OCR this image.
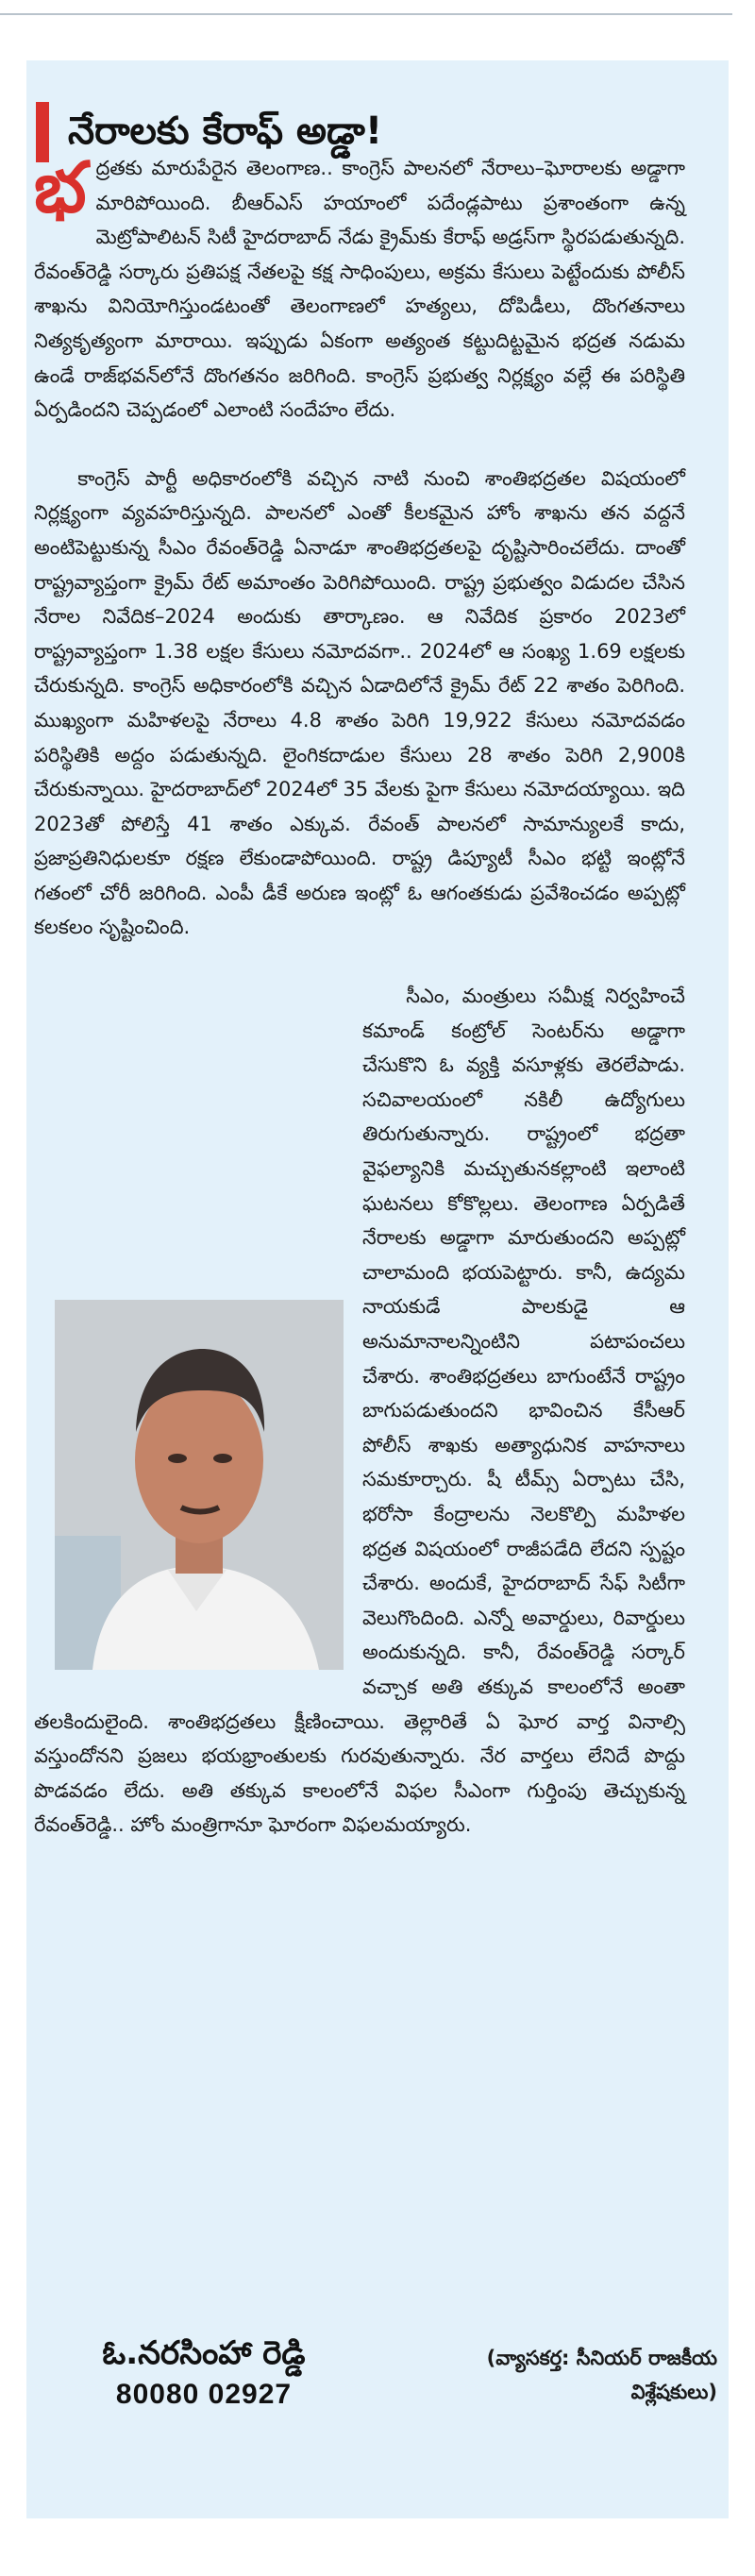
నేరాలకు కేరాఫ్ అడ్డా!

భద్రతకు మారుపేరైన తెలంగాణ.. కాంగ్రెస్ పాలనలో నేరాలు–ఘోరాలకు అడ్డాగా మారిపోయింది. బీఆర్ఎస్ హయాంలో పదేండ్లపాటు ప్రశాంతంగా ఉన్న మెట్రోపాలిటన్ సిటీ హైదరాబాద్ నేడు క్రైమ్‌కు కేరాఫ్ అడ్రస్‌గా స్థిరపడుతున్నది. రేవంత్‌రెడ్డి సర్కారు ప్రతిపక్ష నేతలపై కక్ష సాధింపులు, అక్రమ కేసులు పెట్టేందుకు పోలీస్ శాఖను వినియోగిస్తుండటంతో తెలంగాణలో హత్యలు, దోపిడీలు, దొంగతనాలు నిత్యకృత్యంగా మారాయి. ఇప్పుడు ఏకంగా అత్యంత కట్టుదిట్టమైన భద్రత నడుమ ఉండే రాజ్‌భవన్‌లోనే దొంగతనం జరిగింది. కాంగ్రెస్ ప్రభుత్వ నిర్లక్ష్యం వల్లే ఈ పరిస్థితి ఏర్పడిందని చెప్పడంలో ఎలాంటి సందేహం లేదు.

కాంగ్రెస్ పార్టీ అధికారంలోకి వచ్చిన నాటి నుంచి శాంతిభద్రతల విషయంలో నిర్లక్ష్యంగా వ్యవహరిస్తున్నది. పాలనలో ఎంతో కీలకమైన హోం శాఖను తన వద్దనే అంటిపెట్టుకున్న సీఎం రేవంత్‌రెడ్డి ఏనాడూ శాంతిభద్రతలపై దృష్టిసారించలేదు. దాంతో రాష్ట్రవ్యాప్తంగా క్రైమ్ రేట్ అమాంతం పెరిగిపోయింది. రాష్ట్ర ప్రభుత్వం విడుదల చేసిన నేరాల నివేదిక–2024 అందుకు తార్కాణం. ఆ నివేదిక ప్రకారం 2023లో రాష్ట్రవ్యాప్తంగా 1.38 లక్షల కేసులు నమోదవగా.. 2024లో ఆ సంఖ్య 1.69 లక్షలకు చేరుకున్నది. కాంగ్రెస్ అధికారంలోకి వచ్చిన ఏడాదిలోనే క్రైమ్ రేట్ 22 శాతం పెరిగింది. ముఖ్యంగా మహిళలపై నేరాలు 4.8 శాతం పెరిగి 19,922 కేసులు నమోదవడం పరిస్థితికి అద్దం పడుతున్నది. లైంగికదాడుల కేసులు 28 శాతం పెరిగి 2,900కి చేరుకున్నాయి. హైదరాబాద్‌లో 2024లో 35 వేలకు పైగా కేసులు నమోదయ్యాయి. ఇది 2023తో పోలిస్తే 41 శాతం ఎక్కువ. రేవంత్ పాలనలో సామాన్యులకే కాదు, ప్రజాప్రతినిధులకూ రక్షణ లేకుండాపోయింది. రాష్ట్ర డిప్యూటీ సీఎం భట్టి ఇంట్లోనే గతంలో చోరీ జరిగింది. ఎంపీ డీకే అరుణ ఇంట్లో ఓ ఆగంతకుడు ప్రవేశించడం అప్పట్లో కలకలం సృష్టించింది.

సీఎం, మంత్రులు సమీక్ష నిర్వహించే కమాండ్ కంట్రోల్ సెంటర్‌ను అడ్డాగా చేసుకొని ఓ వ్యక్తి వసూళ్లకు తెరలేపాడు. సచివాలయంలో నకిలీ ఉద్యోగులు తిరుగుతున్నారు. రాష్ట్రంలో భద్రతా వైఫల్యానికి మచ్చుతునకల్లాంటి ఇలాంటి ఘటనలు కోకొల్లలు. తెలంగాణ ఏర్పడితే నేరాలకు అడ్డాగా మారుతుందని అప్పట్లో చాలామంది భయపెట్టారు. కానీ, ఉద్యమ నాయకుడే పాలకుడై ఆ అనుమానాలన్నింటిని పటాపంచలు చేశారు. శాంతిభద్రతలు బాగుంటేనే రాష్ట్రం బాగుపడుతుందని భావించిన కేసీఆర్ పోలీస్ శాఖకు అత్యాధునిక వాహనాలు సమకూర్చారు. షీ టీమ్స్ ఏర్పాటు చేసి, భరోసా కేంద్రాలను నెలకొల్పి మహిళల భద్రత విషయంలో రాజీపడేది లేదని స్పష్టం చేశారు. అందుకే, హైదరాబాద్ సేఫ్ సిటీగా వెలుగొందింది. ఎన్నో అవార్డులు, రివార్డులు అందుకున్నది. కానీ, రేవంత్‌రెడ్డి సర్కార్ వచ్చాక అతి తక్కువ కాలంలోనే అంతా తలకిందులైంది. శాంతిభద్రతలు క్షీణించాయి. తెల్లారితే ఏ ఘోర వార్త వినాల్సి వస్తుందోనని ప్రజలు భయభ్రాంతులకు గురవుతున్నారు. నేర వార్తలు లేనిదే పొద్దు పొడవడం లేదు. అతి తక్కువ కాలంలోనే విఫల సీఎంగా గుర్తింపు తెచ్చుకున్న రేవంత్‌రెడ్డి.. హోం మంత్రిగానూ ఘోరంగా విఫలమయ్యారు.

ఓ.నరసింహా రెడ్డి
80080 02927
(వ్యాసకర్త: సీనియర్ రాజకీయ విశ్లేషకులు)
